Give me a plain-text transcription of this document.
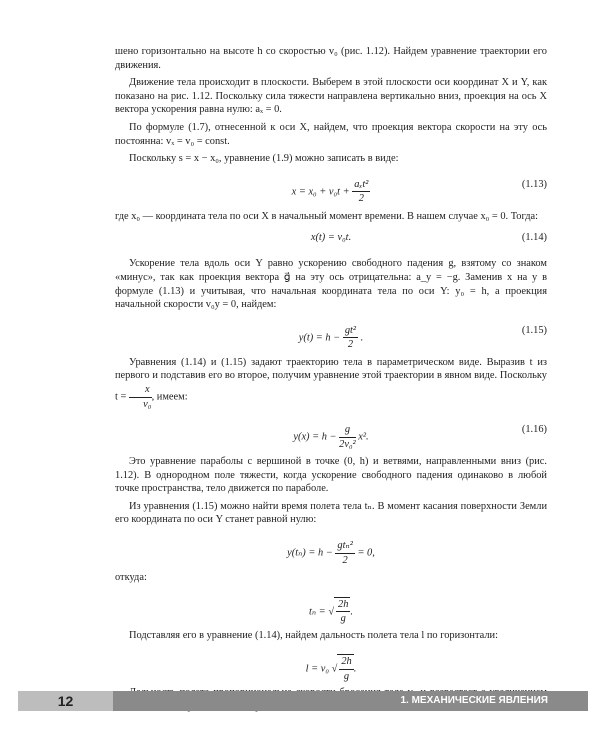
шено горизонтально на высоте h со скоростью v₀ (рис. 1.12). Найдем уравнение траектории его движения.

Движение тела происходит в плоскости. Выберем в этой плоскости оси координат X и Y, как показано на рис. 1.12. Поскольку сила тяжести направлена вертикально вниз, проекция на ось X вектора ускорения равна нулю: aₓ = 0.

По формуле (1.7), отнесенной к оси X, найдем, что проекция вектора скорости на эту ось постоянна: vₓ = v₀ = const.

Поскольку s = x − x₀, уравнение (1.9) можно записать в виде:

$x = x_0 + v_0t + \frac{\text{aₓt²}}{2}$	(1.13)

где x₀ — координата тела по оси X в начальный момент времени. В нашем случае x₀ = 0. Тогда:

x(t) = v₀t.	(1.14)

Ускорение тела вдоль оси Y равно ускорению свободного падения g, взятому со знаком «минус», так как проекция вектора g⃗ на эту ось отрицательна: a_y = −g. Заменив x на y в формуле (1.13) и учитывая, что начальная координата тела по оси Y: y₀ = h, а проекция начальной скорости v₀y = 0, найдем:

$y(t) = h - \frac{\text{gt²}}{2}$ .
(1.15)

Уравнения (1.14) и (1.15) задают траекторию тела в параметрическом виде. Выразив t из первого и подставив его во второе, получим уравнение этой траектории в явном виде. Поскольку $t = \frac{x}{\text{v₀}}$ , имеем:

$y(x) = h - \frac{g}{\text{2v₀²}} x^2$.
(1.16)

Это уравнение параболы с вершиной в точке (0, h) и ветвями, направленными вниз (рис. 1.12). В однородном поле тяжести, когда ускорение свободного падения одинаково в любой точке пространства, тело движется по параболе.

Из уравнения (1.15) можно найти время полета тела tₙ. В момент касания поверхности Земли его координата по оси Y станет равной нулю:

$y(t_n) = h - \frac{\text{gtₙ²}}{2} = 0$,

откуда:

tₙ = √ $\frac{2h}{g}$ .

Подставляя его в уравнение (1.14), найдем дальность полета тела l по горизонтали:

l = v₀ √ $\frac{2h}{g}$ .

12	1. МЕХАНИЧЕСКИЕ ЯВЛЕНИЯ
